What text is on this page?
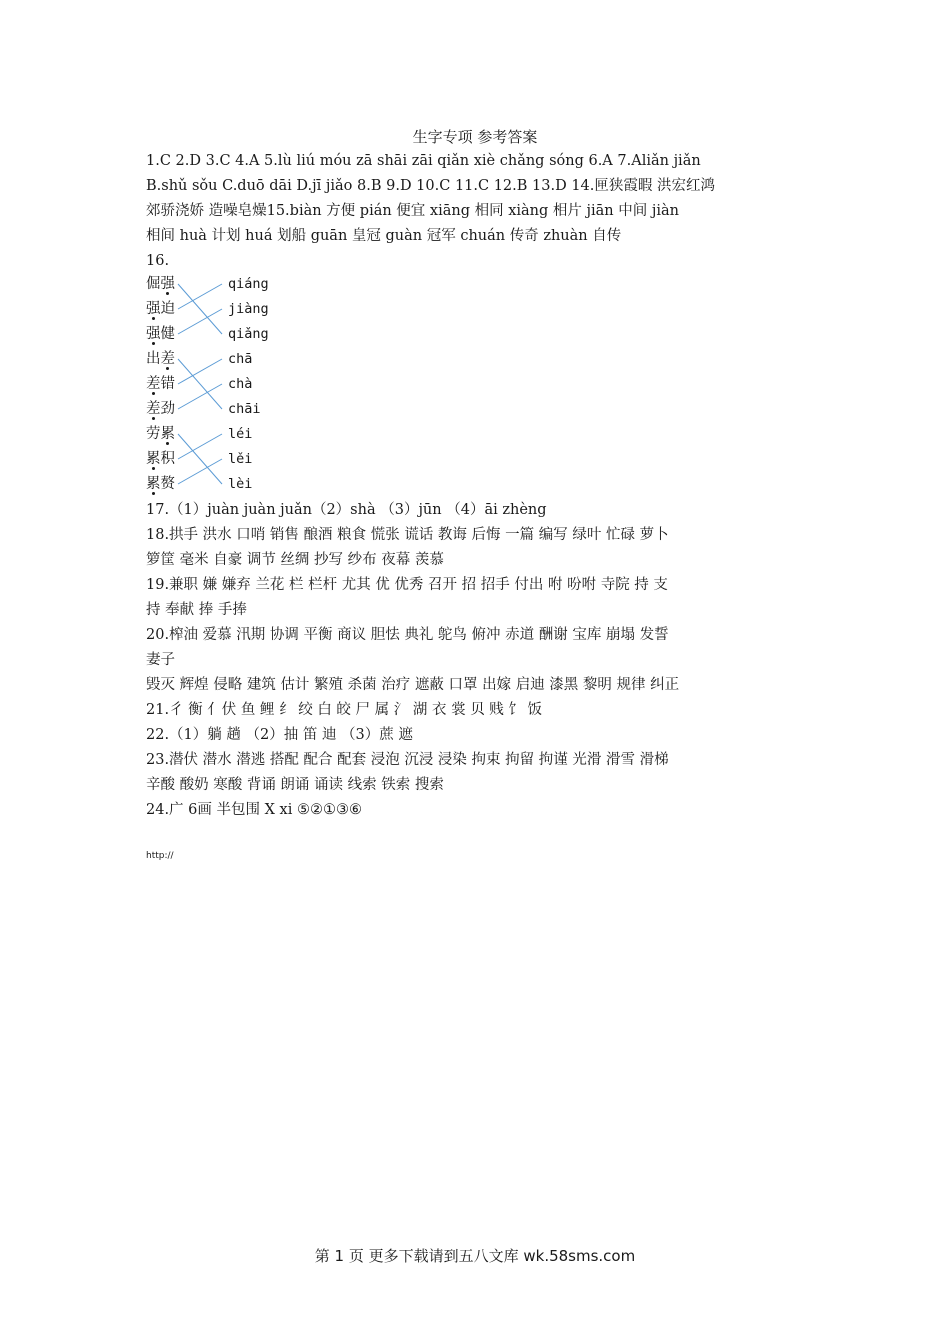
生字专项 参考答案
1.C 2.D 3.C 4.A 5.lù liú móu zā shāi zāi qiǎn xiè chǎng sóng 6.A 7.Aliǎn jiǎn
B.shǔ sǒu C.duō dāi D.jī jiǎo 8.B 9.D 10.C 11.C 12.B 13.D 14.匣狭霞暇 洪宏红鸿
郊骄浇娇 造噪皂燥15.biàn 方便 pián 便宜 xiāng 相同 xiàng 相片 jiān 中间 jiàn
相间 huà 计划 huá 划船 guān 皇冠 guàn 冠军 chuán 传奇 zhuàn 自传
16.
倔强
强迫
强健
出差
差错
差劲
劳累
累积
累赘
qiáng
jiàng
qiǎng
chā
chà
chāi
léi
lěi
lèi
17.（1）juàn juàn juǎn（2）shà （3）jūn （4）āi zhèng
18.拱手 洪水 口哨 销售 酿酒 粮食 慌张 谎话 教诲 后悔 一篇 编写 绿叶 忙碌 萝卜
箩筐 毫米 自豪 调节 丝绸 抄写 纱布 夜幕 羡慕
19.兼职 嫌 嫌弃 兰花 栏 栏杆 尤其 优 优秀 召开 招 招手 付出 咐 吩咐 寺院 持 支
持 奉献 捧 手捧
20.榨油 爱慕 汛期 协调 平衡 商议 胆怯 典礼 鸵鸟 俯冲 赤道 酬谢 宝库 崩塌 发誓
妻子
毁灭 辉煌 侵略 建筑 估计 繁殖 杀菌 治疗 遮蔽 口罩 出嫁 启迪 漆黑 黎明 规律 纠正
21.彳 衡 亻伏 鱼 鲤 纟 绞 白 皎 尸 属 氵 湖 衣 裳 贝 贱 饣 饭
22.（1）躺 趟 （2）抽 笛 迪 （3）蔗 遮
23.潜伏 潜水 潜逃 搭配 配合 配套 浸泡 沉浸 浸染 拘束 拘留 拘谨 光滑 滑雪 滑梯
辛酸 酸奶 寒酸 背诵 朗诵 诵读 线索 铁索 搜索
24.广 6画 半包围 X xi ⑤②①③⑥
http://
第 1 页 更多下载请到五八文库 wk.58sms.com
